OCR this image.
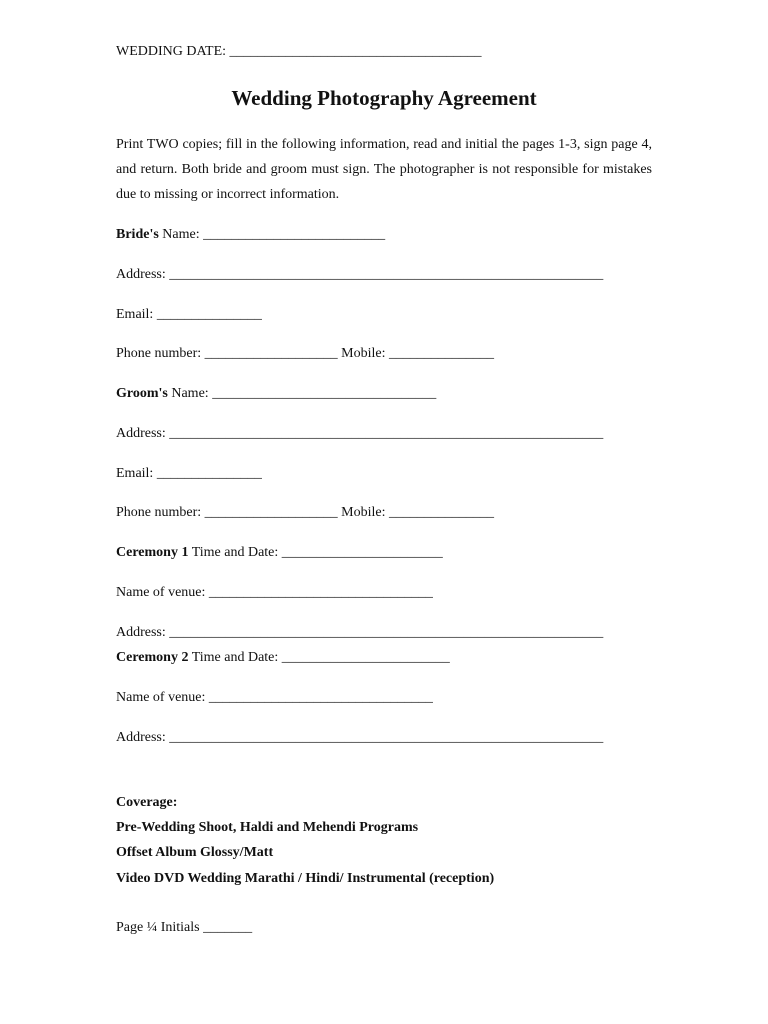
WEDDING DATE: ____________________________________
Wedding Photography Agreement
Print TWO copies; fill in the following information, read and initial the pages 1-3, sign page 4, and return. Both bride and groom must sign. The photographer is not responsible for mistakes due to missing or incorrect information.
Bride's Name: __________________________
Address: ______________________________________________________________
Email: _______________
Phone number: ___________________ Mobile: _______________
Groom's Name: ________________________________
Address: ______________________________________________________________
Email: _______________
Phone number: ___________________ Mobile: _______________
Ceremony 1 Time and Date: _______________________
Name of venue: ________________________________
Address: ______________________________________________________________
Ceremony 2 Time and Date: ________________________
Name of venue: ________________________________
Address: ______________________________________________________________
Coverage:
Pre-Wedding Shoot, Haldi and Mehendi Programs
Offset Album Glossy/Matt
Video DVD Wedding Marathi / Hindi/ Instrumental (reception)
Page ¼ Initials _______
